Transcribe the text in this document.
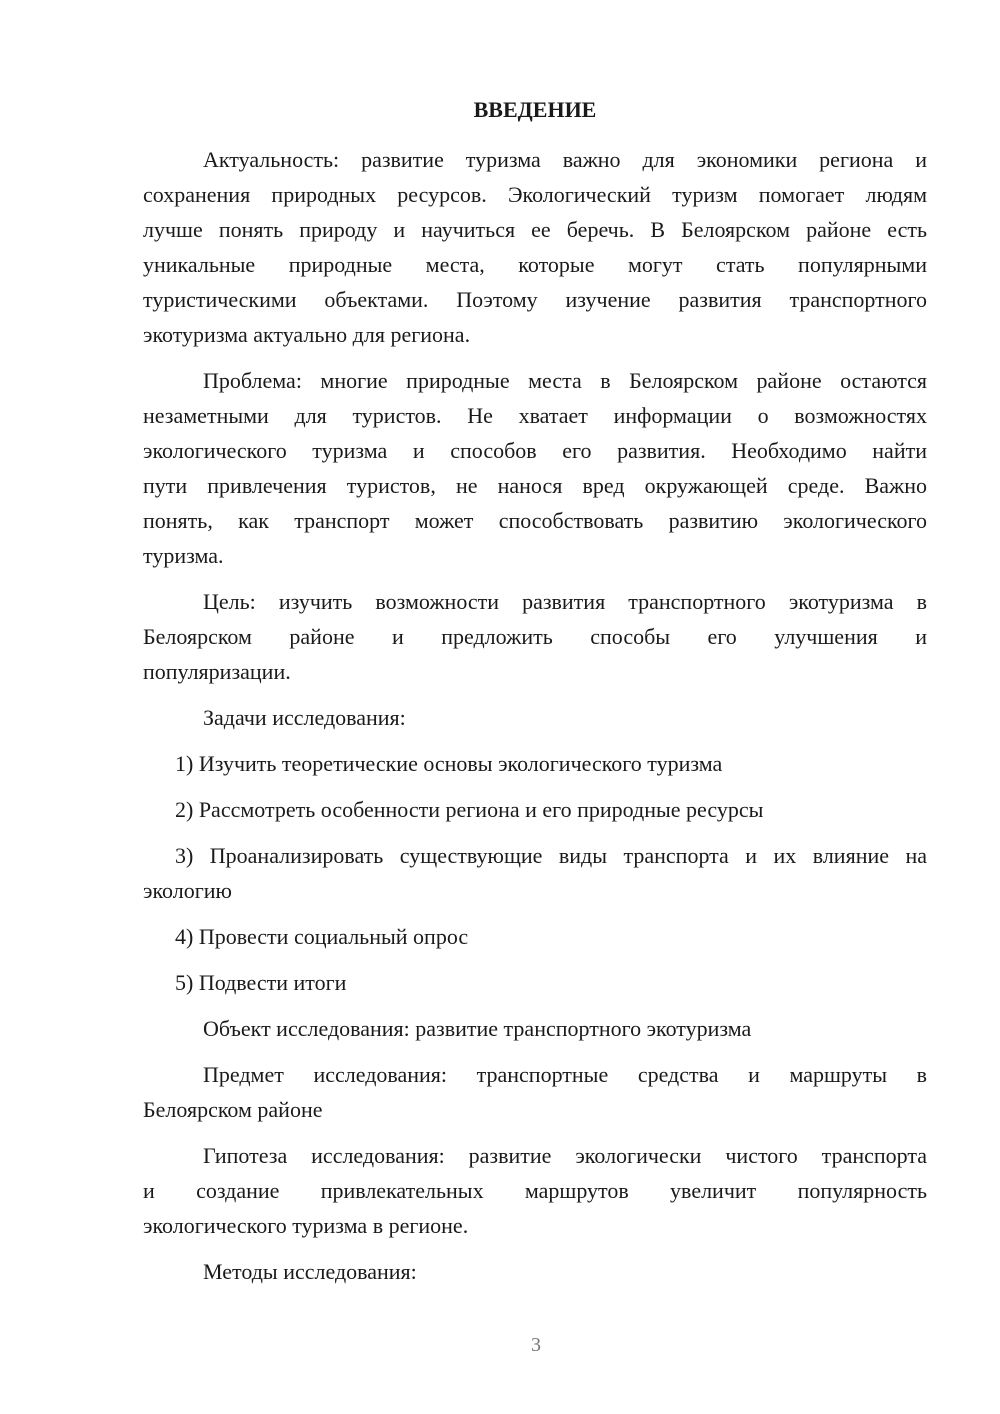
ВВЕДЕНИЕ
Актуальность: развитие туризма важно для экономики региона и
сохранения природных ресурсов. Экологический туризм помогает людям
лучше понять природу и научиться ее беречь. В Белоярском районе есть
уникальные природные места, которые могут стать популярными
туристическими объектами. Поэтому изучение развития транспортного
экотуризма актуально для региона.
Проблема: многие природные места в Белоярском районе остаются
незаметными для туристов. Не хватает информации о возможностях
экологического туризма и способов его развития. Необходимо найти
пути привлечения туристов, не нанося вред окружающей среде. Важно
понять, как транспорт может способствовать развитию экологического
туризма.
Цель: изучить возможности развития транспортного экотуризма в
Белоярском районе и предложить способы его улучшения и
популяризации.
Задачи исследования:
1) Изучить теоретические основы экологического туризма
2) Рассмотреть особенности региона и его природные ресурсы
3) Проанализировать существующие виды транспорта и их влияние на
экологию
4) Провести социальный опрос
5) Подвести итоги
Объект исследования: развитие транспортного экотуризма
Предмет исследования: транспортные средства и маршруты в
Белоярском районе
Гипотеза исследования: развитие экологически чистого транспорта
и создание привлекательных маршрутов увеличит популярность
экологического туризма в регионе.
Методы исследования:
3
